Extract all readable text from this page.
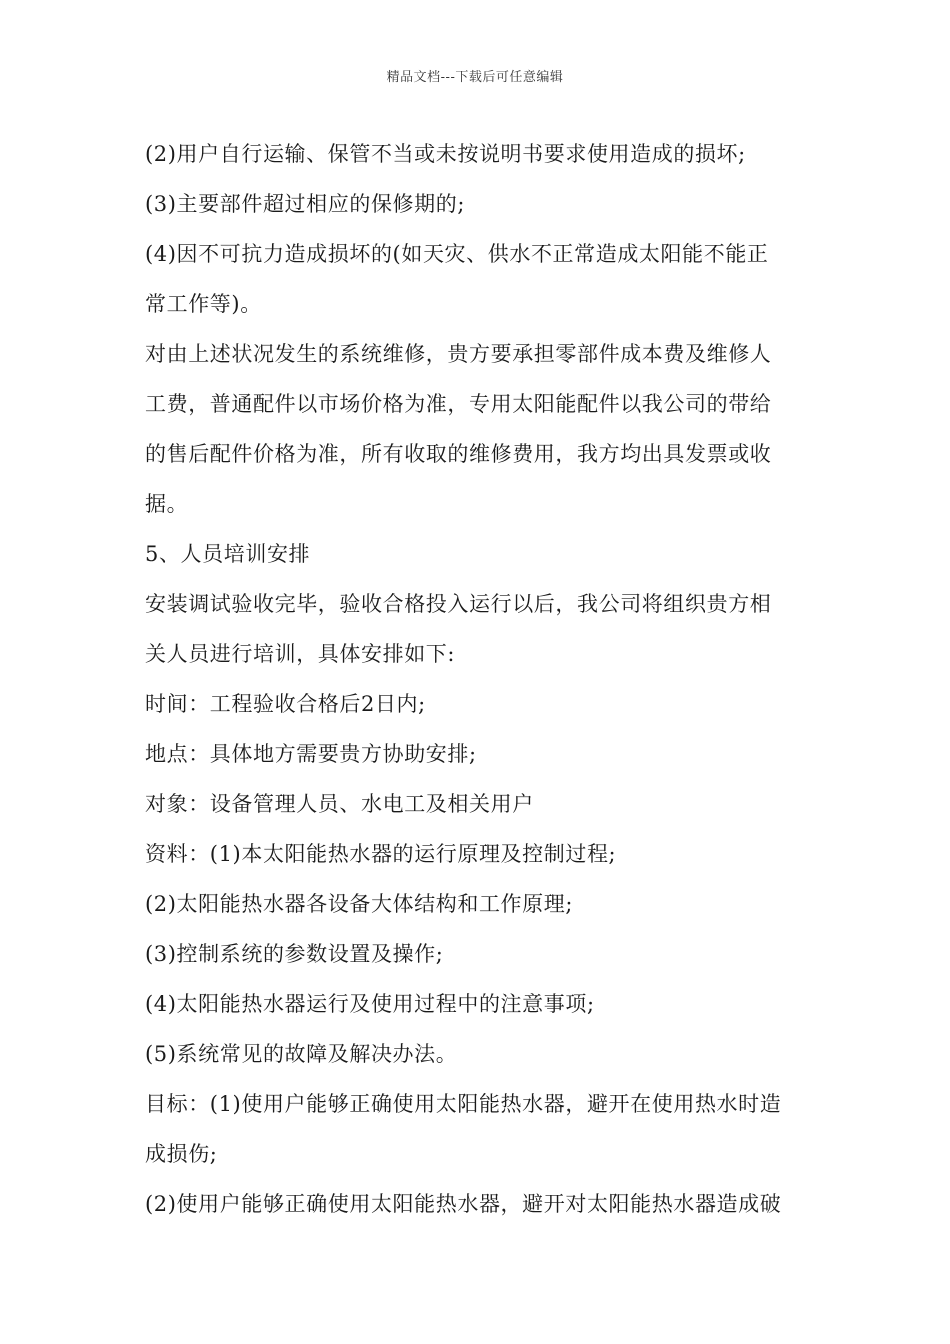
精品文档---下载后可任意编辑
(2)用户自行运输、保管不当或未按说明书要求使用造成的损坏;
(3)主要部件超过相应的保修期的;
(4)因不可抗力造成损坏的(如天灾、供水不正常造成太阳能不能正
常工作等)。
对由上述状况发生的系统维修，贵方要承担零部件成本费及维修人
工费，普通配件以市场价格为准，专用太阳能配件以我公司的带给
的售后配件价格为准，所有收取的维修费用，我方均出具发票或收
据。
5、人员培训安排
安装调试验收完毕，验收合格投入运行以后，我公司将组织贵方相
关人员进行培训，具体安排如下:
时间：工程验收合格后2日内;
地点：具体地方需要贵方协助安排;
对象：设备管理人员、水电工及相关用户
资料：(1)本太阳能热水器的运行原理及控制过程;
(2)太阳能热水器各设备大体结构和工作原理;
(3)控制系统的参数设置及操作;
(4)太阳能热水器运行及使用过程中的注意事项;
(5)系统常见的故障及解决办法。
目标：(1)使用户能够正确使用太阳能热水器，避开在使用热水时造
成损伤;
(2)使用户能够正确使用太阳能热水器，避开对太阳能热水器造成破
